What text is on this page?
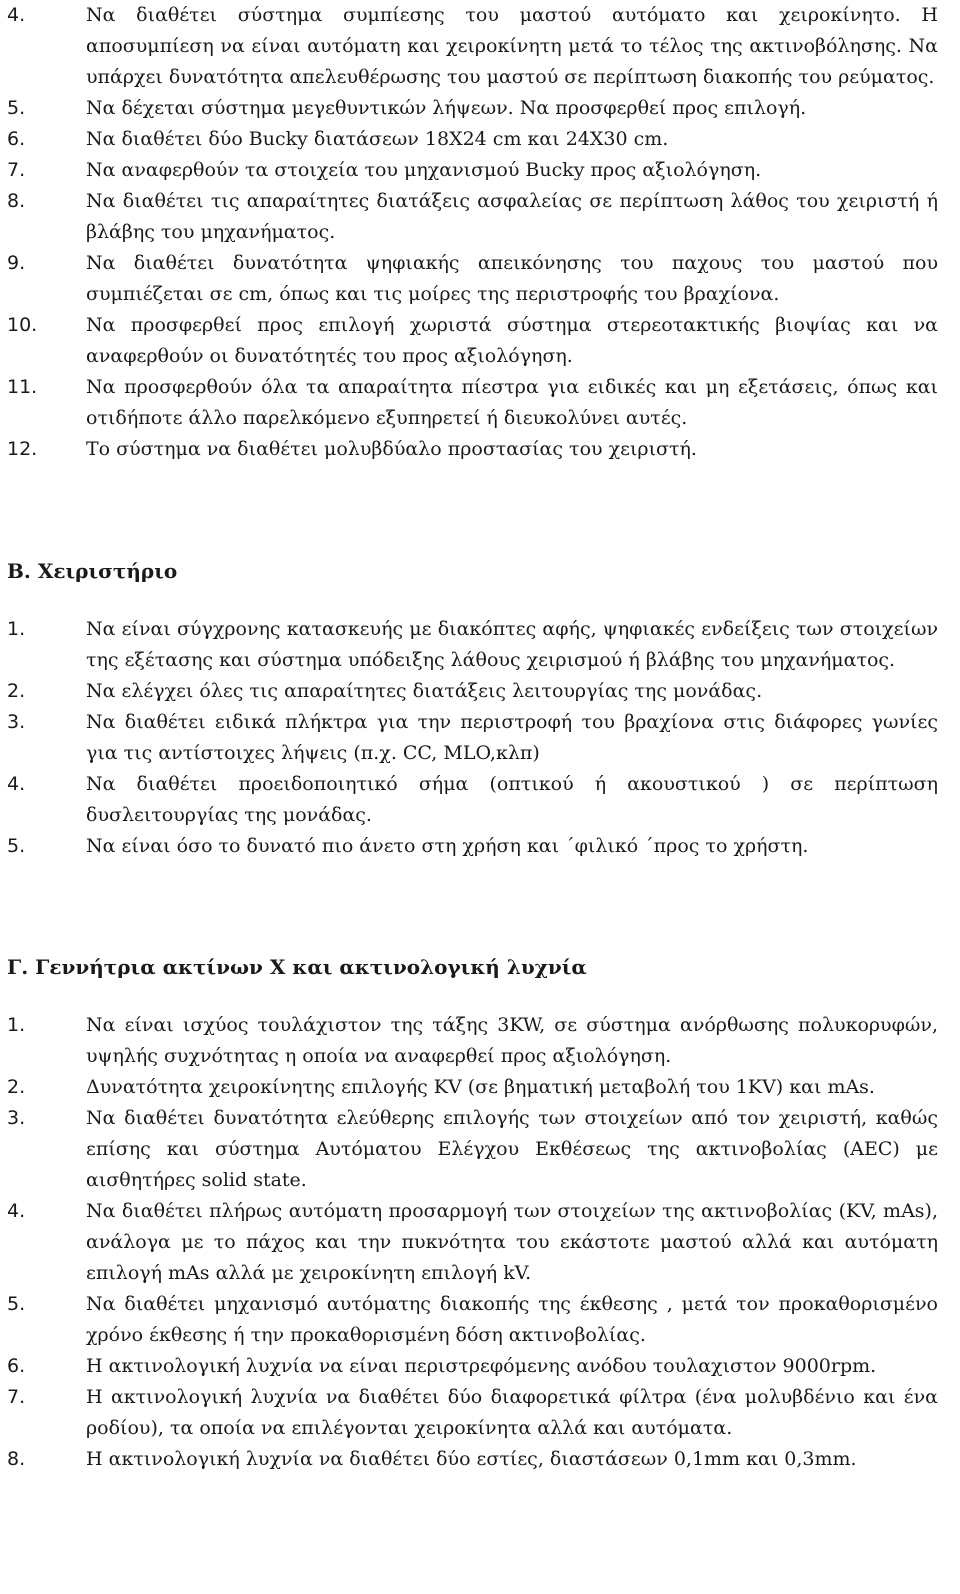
4.	Να διαθέτει σύστημα συμπίεσης του μαστού αυτόματο και χειροκίνητο. Η αποσυμπίεση να είναι αυτόματη και χειροκίνητη μετά το τέλος της ακτινοβόλησης. Να υπάρχει δυνατότητα απελευθέρωσης του μαστού σε περίπτωση διακοπής του ρεύματος.
5.	Να δέχεται σύστημα μεγεθυντικών λήψεων. Να προσφερθεί προς επιλογή.
6.	Να διαθέτει δύο Bucky διατάσεων 18Χ24 cm και 24Χ30 cm.
7.	Να αναφερθούν τα στοιχεία του μηχανισμού Bucky προς αξιολόγηση.
8.	Να διαθέτει τις απαραίτητες διατάξεις ασφαλείας σε περίπτωση λάθος του χειριστή ή βλάβης του μηχανήματος.
9.	Να διαθέτει δυνατότητα ψηφιακής απεικόνησης του παχους του μαστού που συμπιέζεται σε cm, όπως και τις μοίρες της περιστροφής του βραχίονα.
10.	Να προσφερθεί προς επιλογή χωριστά σύστημα στερεοτακτικής βιοψίας και να αναφερθούν οι δυνατότητές του προς αξιολόγηση.
11.	Να προσφερθούν όλα τα απαραίτητα πίεστρα για ειδικές και μη εξετάσεις, όπως και οτιδήποτε άλλο παρελκόμενο εξυπηρετεί ή διευκολύνει αυτές.
12.	Το σύστημα να διαθέτει μολυβδύαλο προστασίας του χειριστή.
Β. Χειριστήριο
1.	Να είναι σύγχρονης κατασκευής με διακόπτες αφής, ψηφιακές ενδείξεις των στοιχείων της εξέτασης και σύστημα υπόδειξης λάθους χειρισμού ή βλάβης του μηχανήματος.
2.	Να ελέγχει όλες τις απαραίτητες διατάξεις λειτουργίας της μονάδας.
3.	Να διαθέτει ειδικά πλήκτρα για την περιστροφή του βραχίονα στις διάφορες γωνίες για τις αντίστοιχες λήψεις (π.χ. CC, MLO,κλπ)
4.	Να διαθέτει προειδοποιητικό σήμα (οπτικού ή ακουστικού ) σε περίπτωση δυσλειτουργίας της μονάδας.
5.	Να είναι όσο το δυνατό πιο άνετο στη χρήση και ΄φιλικό ΄προς το χρήστη.
Γ. Γεννήτρια ακτίνων Χ και ακτινολογική λυχνία
1.	Να είναι ισχύος τουλάχιστον της τάξης 3KW, σε σύστημα ανόρθωσης πολυκορυφών, υψηλής συχνότητας η οποία να αναφερθεί προς αξιολόγηση.
2.	Δυνατότητα χειροκίνητης επιλογής KV (σε βηματική μεταβολή του 1KV) και mAs.
3.	Να διαθέτει δυνατότητα ελεύθερης επιλογής των στοιχείων από τον χειριστή, καθώς επίσης και σύστημα Αυτόματου Ελέγχου Εκθέσεως της ακτινοβολίας (AEC) με αισθητήρες solid state.
4.	Να διαθέτει πλήρως αυτόματη προσαρμογή των στοιχείων της ακτινοβολίας (KV, mAs), ανάλογα με το πάχος και την πυκνότητα του εκάστοτε μαστού αλλά και αυτόματη επιλογή mAs αλλά με χειροκίνητη επιλογή kV.
5.	Να διαθέτει μηχανισμό αυτόματης διακοπής της έκθεσης , μετά τον προκαθορισμένο χρόνο έκθεσης ή την προκαθορισμένη δόση ακτινοβολίας.
6.	Η ακτινολογική λυχνία να είναι περιστρεφόμενης ανόδου τουλαχιστον 9000rpm.
7.	Η ακτινολογική λυχνία να διαθέτει δύο διαφορετικά φίλτρα (ένα μολυβδένιο και ένα ροδίου), τα οποία να επιλέγονται χειροκίνητα αλλά και αυτόματα.
8.	Η ακτινολογική λυχνία να διαθέτει δύο εστίες, διαστάσεων 0,1mm και 0,3mm.
